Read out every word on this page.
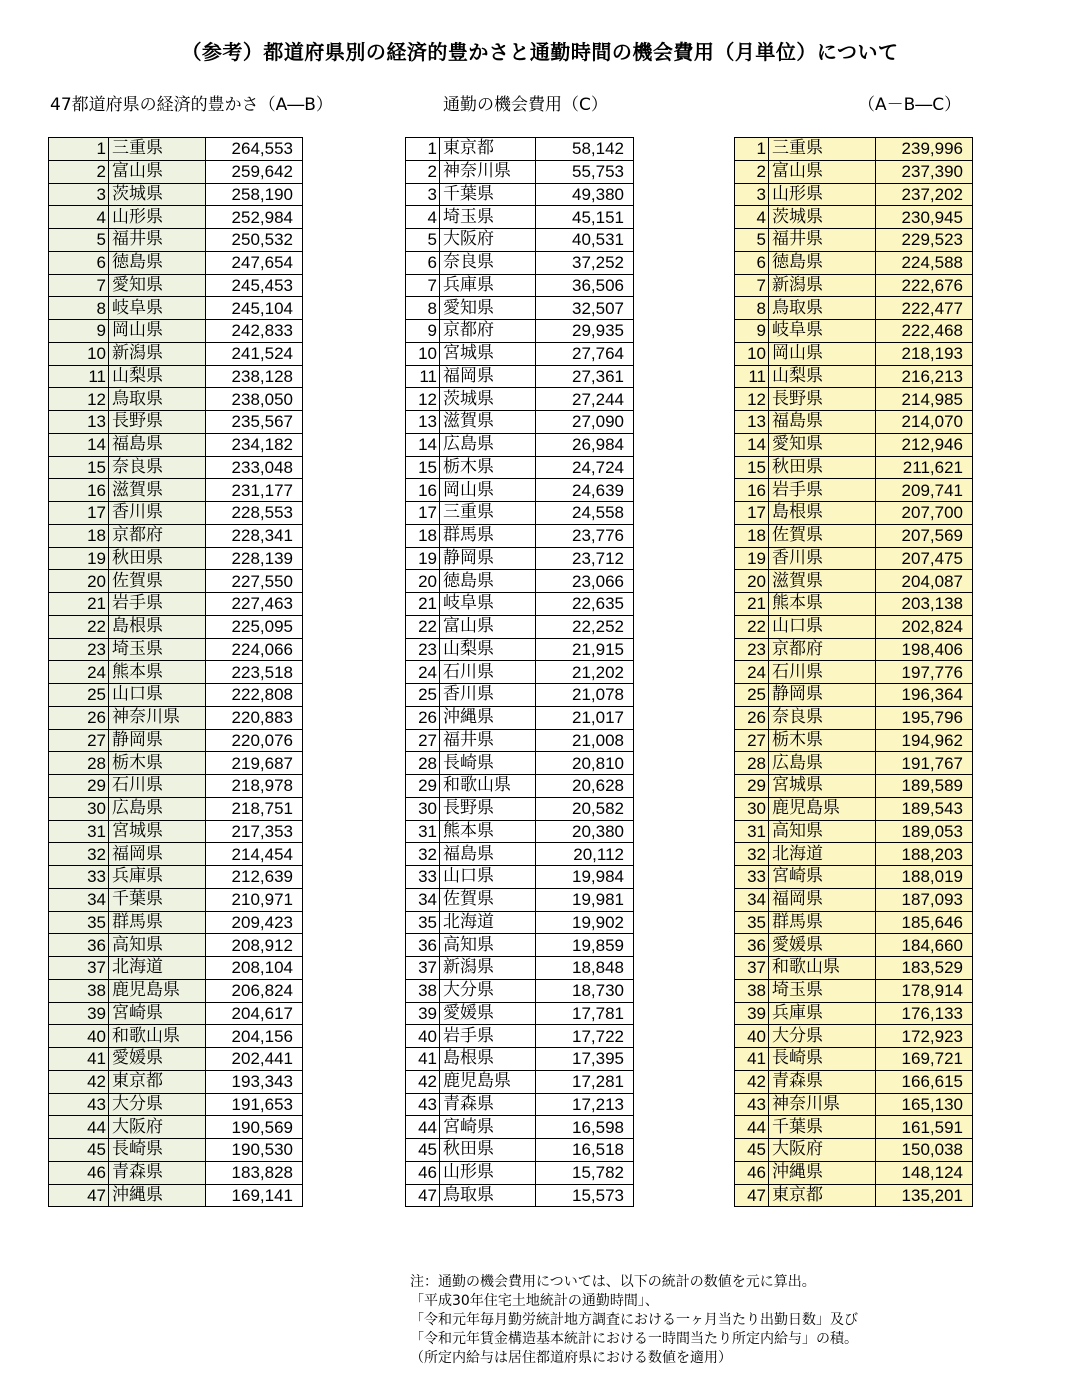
（参考）都道府県別の経済的豊かさと通勤時間の機会費用（月単位）について
47都道府県の経済的豊かさ（A―B）	通勤の機会費用（C）	（A－B―C）
1	三重県	264,553
2	富山県	259,642
3	茨城県	258,190
4	山形県	252,984
5	福井県	250,532
6	徳島県	247,654
7	愛知県	245,453
8	岐阜県	245,104
9	岡山県	242,833
10	新潟県	241,524
11	山梨県	238,128
12	鳥取県	238,050
13	長野県	235,567
14	福島県	234,182
15	奈良県	233,048
16	滋賀県	231,177
17	香川県	228,553
18	京都府	228,341
19	秋田県	228,139
20	佐賀県	227,550
21	岩手県	227,463
22	島根県	225,095
23	埼玉県	224,066
24	熊本県	223,518
25	山口県	222,808
26	神奈川県	220,883
27	静岡県	220,076
28	栃木県	219,687
29	石川県	218,978
30	広島県	218,751
31	宮城県	217,353
32	福岡県	214,454
33	兵庫県	212,639
34	千葉県	210,971
35	群馬県	209,423
36	高知県	208,912
37	北海道	208,104
38	鹿児島県	206,824
39	宮崎県	204,617
40	和歌山県	204,156
41	愛媛県	202,441
42	東京都	193,343
43	大分県	191,653
44	大阪府	190,569
45	長崎県	190,530
46	青森県	183,828
47	沖縄県	169,141
1	東京都	58,142
2	神奈川県	55,753
3	千葉県	49,380
4	埼玉県	45,151
5	大阪府	40,531
6	奈良県	37,252
7	兵庫県	36,506
8	愛知県	32,507
9	京都府	29,935
10	宮城県	27,764
11	福岡県	27,361
12	茨城県	27,244
13	滋賀県	27,090
14	広島県	26,984
15	栃木県	24,724
16	岡山県	24,639
17	三重県	24,558
18	群馬県	23,776
19	静岡県	23,712
20	徳島県	23,066
21	岐阜県	22,635
22	富山県	22,252
23	山梨県	21,915
24	石川県	21,202
25	香川県	21,078
26	沖縄県	21,017
27	福井県	21,008
28	長崎県	20,810
29	和歌山県	20,628
30	長野県	20,582
31	熊本県	20,380
32	福島県	20,112
33	山口県	19,984
34	佐賀県	19,981
35	北海道	19,902
36	高知県	19,859
37	新潟県	18,848
38	大分県	18,730
39	愛媛県	17,781
40	岩手県	17,722
41	島根県	17,395
42	鹿児島県	17,281
43	青森県	17,213
44	宮崎県	16,598
45	秋田県	16,518
46	山形県	15,782
47	鳥取県	15,573
1	三重県	239,996
2	富山県	237,390
3	山形県	237,202
4	茨城県	230,945
5	福井県	229,523
6	徳島県	224,588
7	新潟県	222,676
8	鳥取県	222,477
9	岐阜県	222,468
10	岡山県	218,193
11	山梨県	216,213
12	長野県	214,985
13	福島県	214,070
14	愛知県	212,946
15	秋田県	211,621
16	岩手県	209,741
17	島根県	207,700
18	佐賀県	207,569
19	香川県	207,475
20	滋賀県	204,087
21	熊本県	203,138
22	山口県	202,824
23	京都府	198,406
24	石川県	197,776
25	静岡県	196,364
26	奈良県	195,796
27	栃木県	194,962
28	広島県	191,767
29	宮城県	189,589
30	鹿児島県	189,543
31	高知県	189,053
32	北海道	188,203
33	宮崎県	188,019
34	福岡県	187,093
35	群馬県	185,646
36	愛媛県	184,660
37	和歌山県	183,529
38	埼玉県	178,914
39	兵庫県	176,133
40	大分県	172,923
41	長崎県	169,721
42	青森県	166,615
43	神奈川県	165,130
44	千葉県	161,591
45	大阪府	150,038
46	沖縄県	148,124
47	東京都	135,201
注：通勤の機会費用については、以下の統計の数値を元に算出。
「平成30年住宅土地統計の通勤時間」、
「令和元年毎月勤労統計地方調査における一ヶ月当たり出勤日数」及び
「令和元年賃金構造基本統計における一時間当たり所定内給与」の積。
（所定内給与は居住都道府県における数値を適用）
